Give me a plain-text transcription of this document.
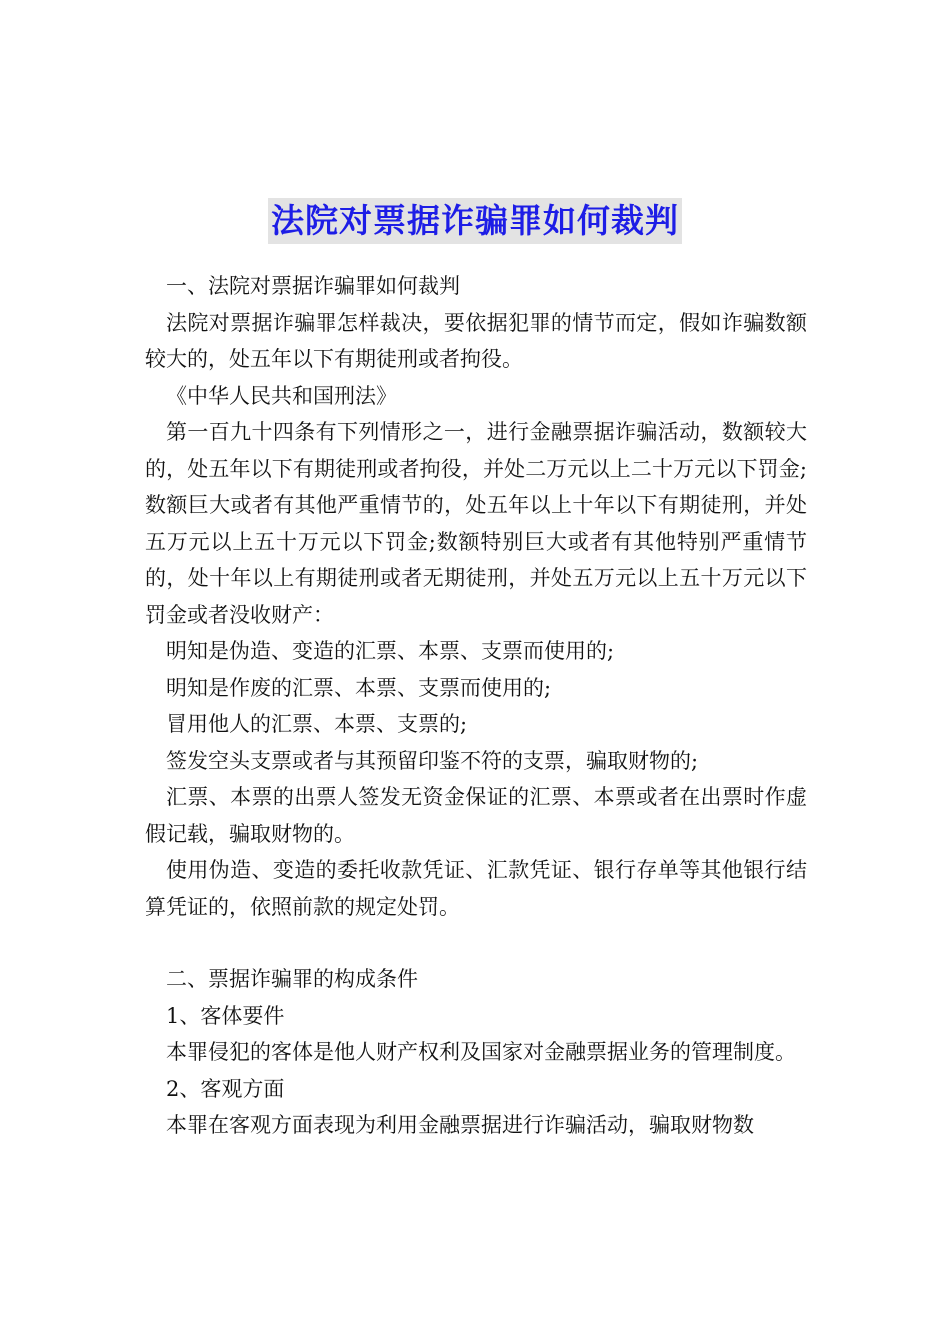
法院对票据诈骗罪如何裁判

一、法院对票据诈骗罪如何裁判

法院对票据诈骗罪怎样裁决，要依据犯罪的情节而定，假如诈骗数额较大的，处五年以下有期徒刑或者拘役。

《中华人民共和国刑法》

第一百九十四条有下列情形之一，进行金融票据诈骗活动，数额较大的，处五年以下有期徒刑或者拘役，并处二万元以上二十万元以下罚金;数额巨大或者有其他严重情节的，处五年以上十年以下有期徒刑，并处五万元以上五十万元以下罚金;数额特别巨大或者有其他特别严重情节的，处十年以上有期徒刑或者无期徒刑，并处五万元以上五十万元以下罚金或者没收财产：

明知是伪造、变造的汇票、本票、支票而使用的;

明知是作废的汇票、本票、支票而使用的;

冒用他人的汇票、本票、支票的;

签发空头支票或者与其预留印鉴不符的支票，骗取财物的;

汇票、本票的出票人签发无资金保证的汇票、本票或者在出票时作虚假记载，骗取财物的。

使用伪造、变造的委托收款凭证、汇款凭证、银行存单等其他银行结算凭证的，依照前款的规定处罚。

二、票据诈骗罪的构成条件

1、客体要件

本罪侵犯的客体是他人财产权利及国家对金融票据业务的管理制度。

2、客观方面

本罪在客观方面表现为利用金融票据进行诈骗活动，骗取财物数
